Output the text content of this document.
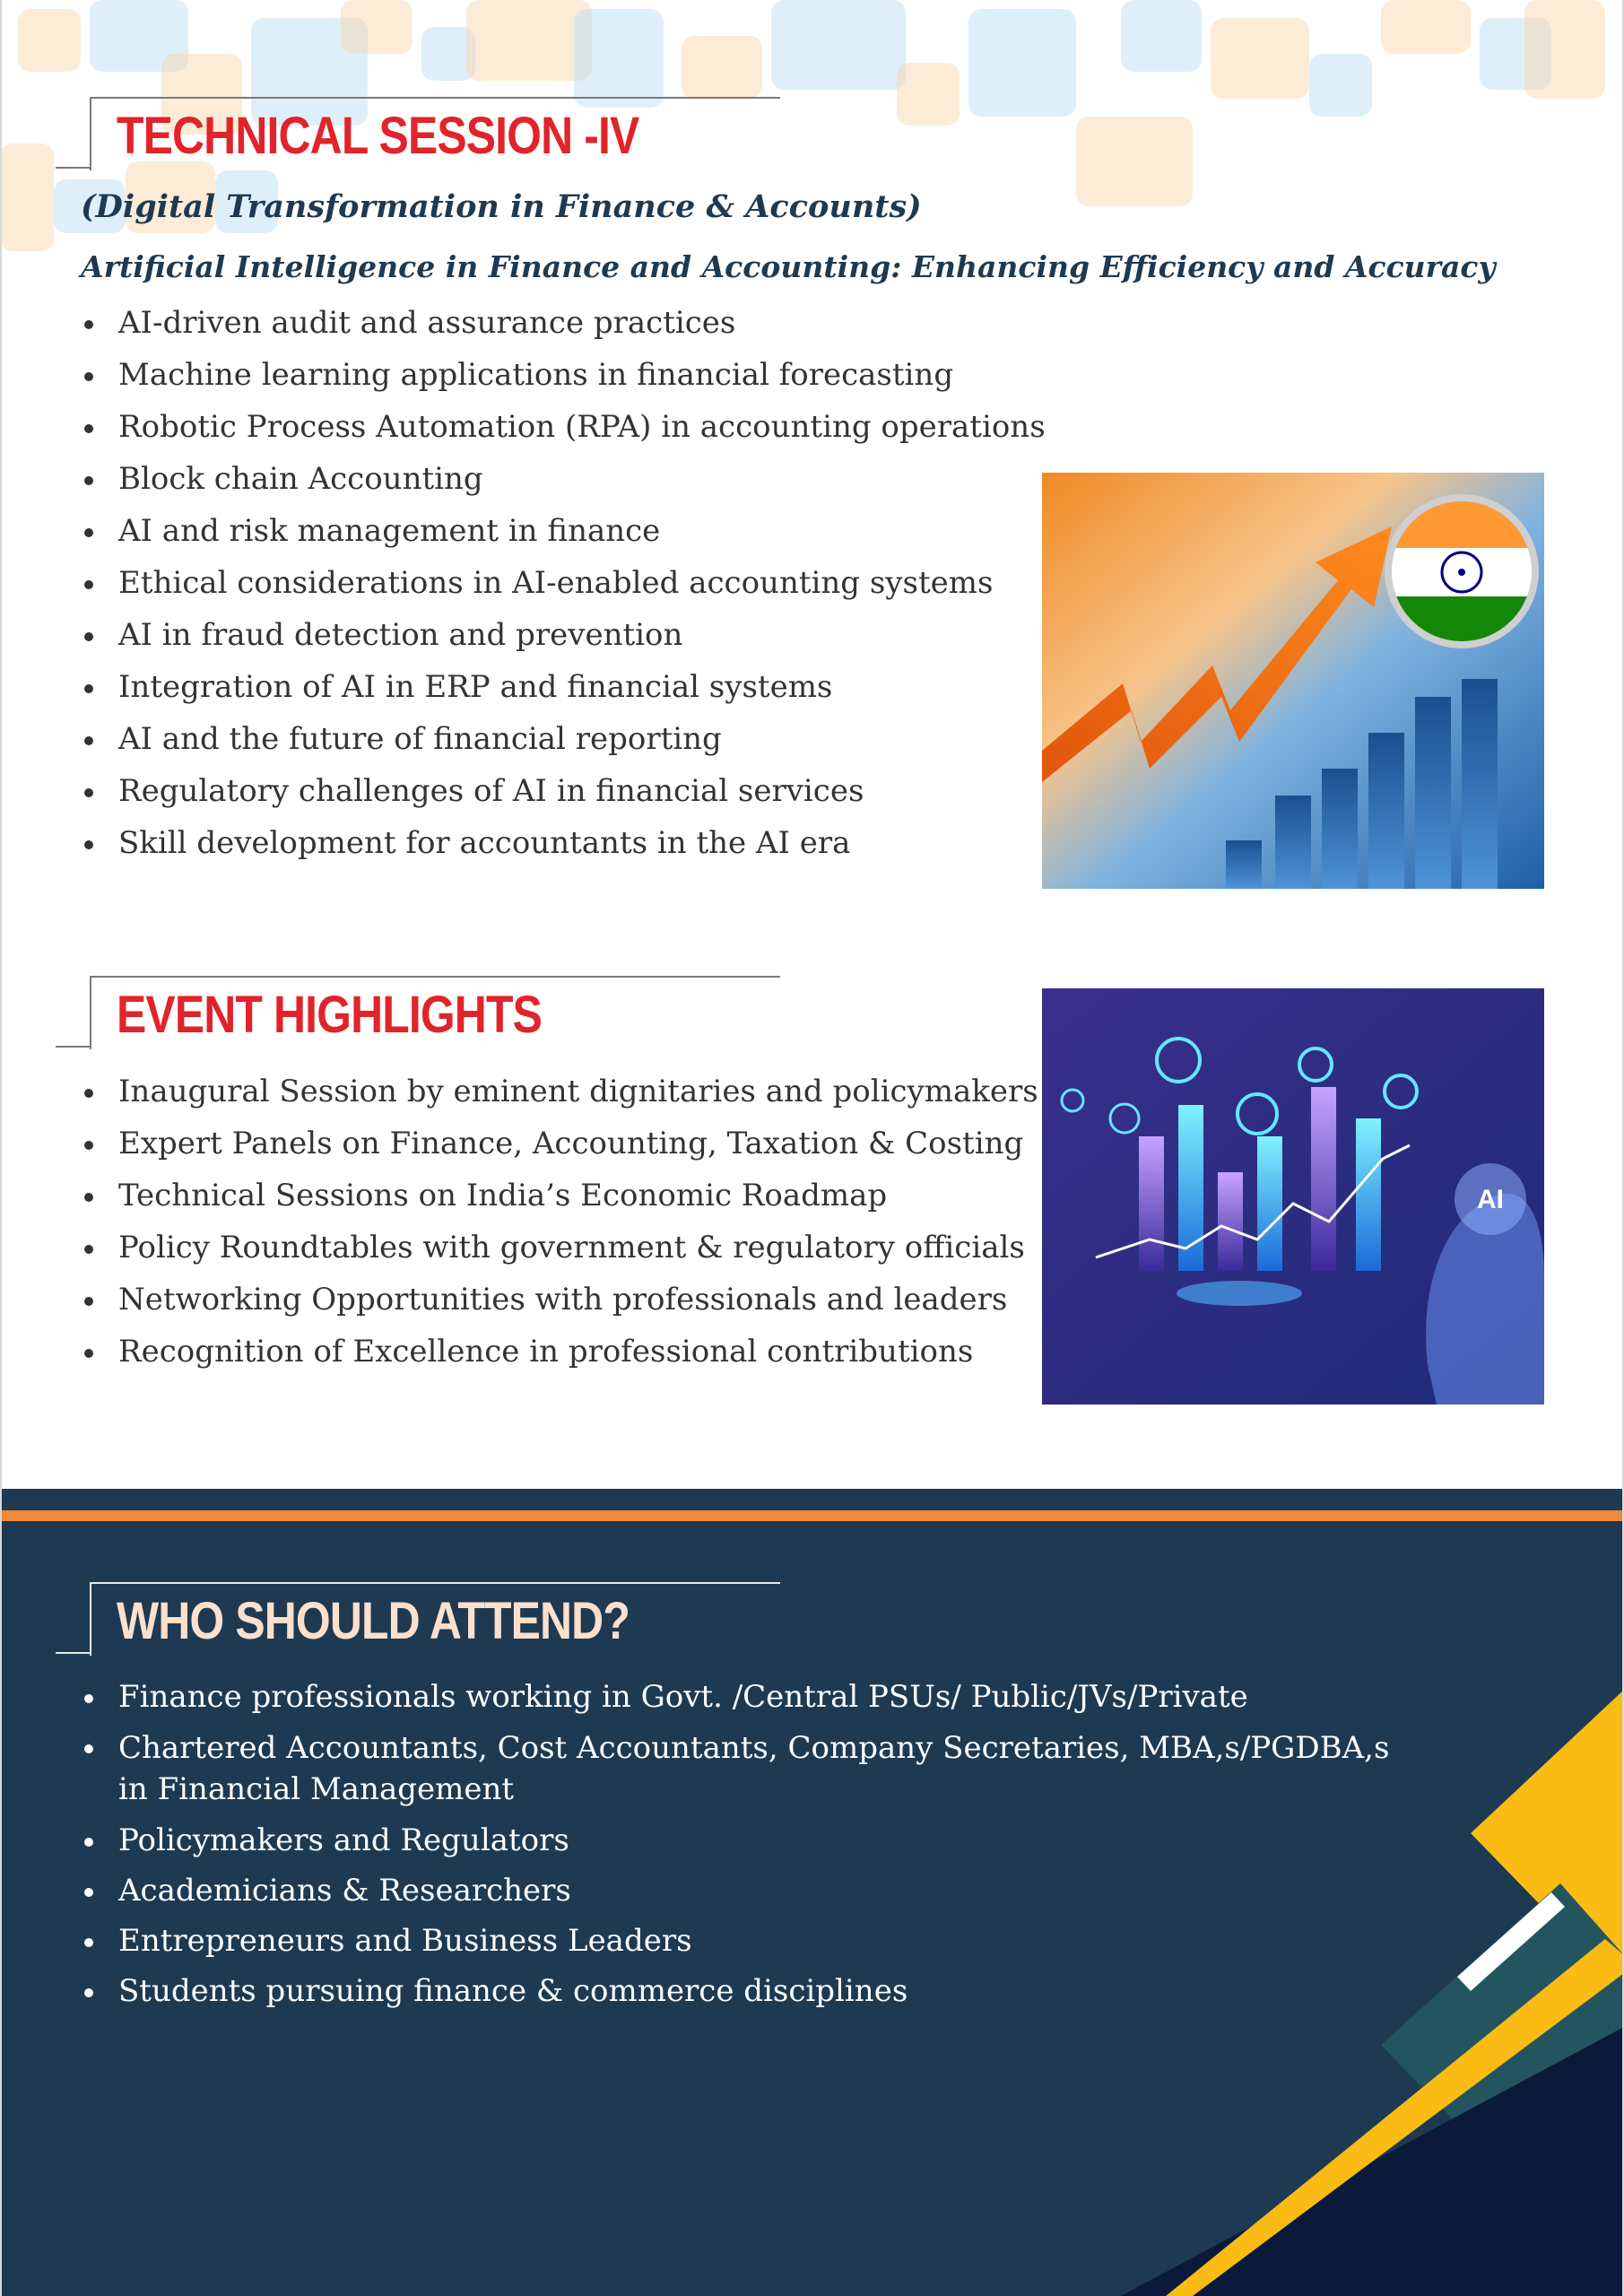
TECHNICAL SESSION -IV

(Digital Transformation in Finance & Accounts)

Artificial Intelligence in Finance and Accounting: Enhancing Efficiency and Accuracy

AI-driven audit and assurance practices
Machine learning applications in financial forecasting
Robotic Process Automation (RPA) in accounting operations
Block chain Accounting
AI and risk management in finance
Ethical considerations in AI-enabled accounting systems
AI in fraud detection and prevention
Integration of AI in ERP and financial systems
AI and the future of financial reporting
Regulatory challenges of AI in financial services
Skill development for accountants in the AI era
EVENT HIGHLIGHTS
Inaugural Session by eminent dignitaries and policymakers
Expert Panels on Finance, Accounting, Taxation & Costing
Technical Sessions on India’s Economic Roadmap
Policy Roundtables with government & regulatory officials
Networking Opportunities with professionals and leaders
Recognition of Excellence in professional contributions
AI
WHO SHOULD ATTEND?
Finance professionals working in Govt. /Central PSUs/ Public/JVs/Private
Chartered Accountants, Cost Accountants, Company Secretaries, MBA,s/PGDBA,s in Financial Management
Policymakers and Regulators
Academicians & Researchers
Entrepreneurs and Business Leaders
Students pursuing finance & commerce disciplines
